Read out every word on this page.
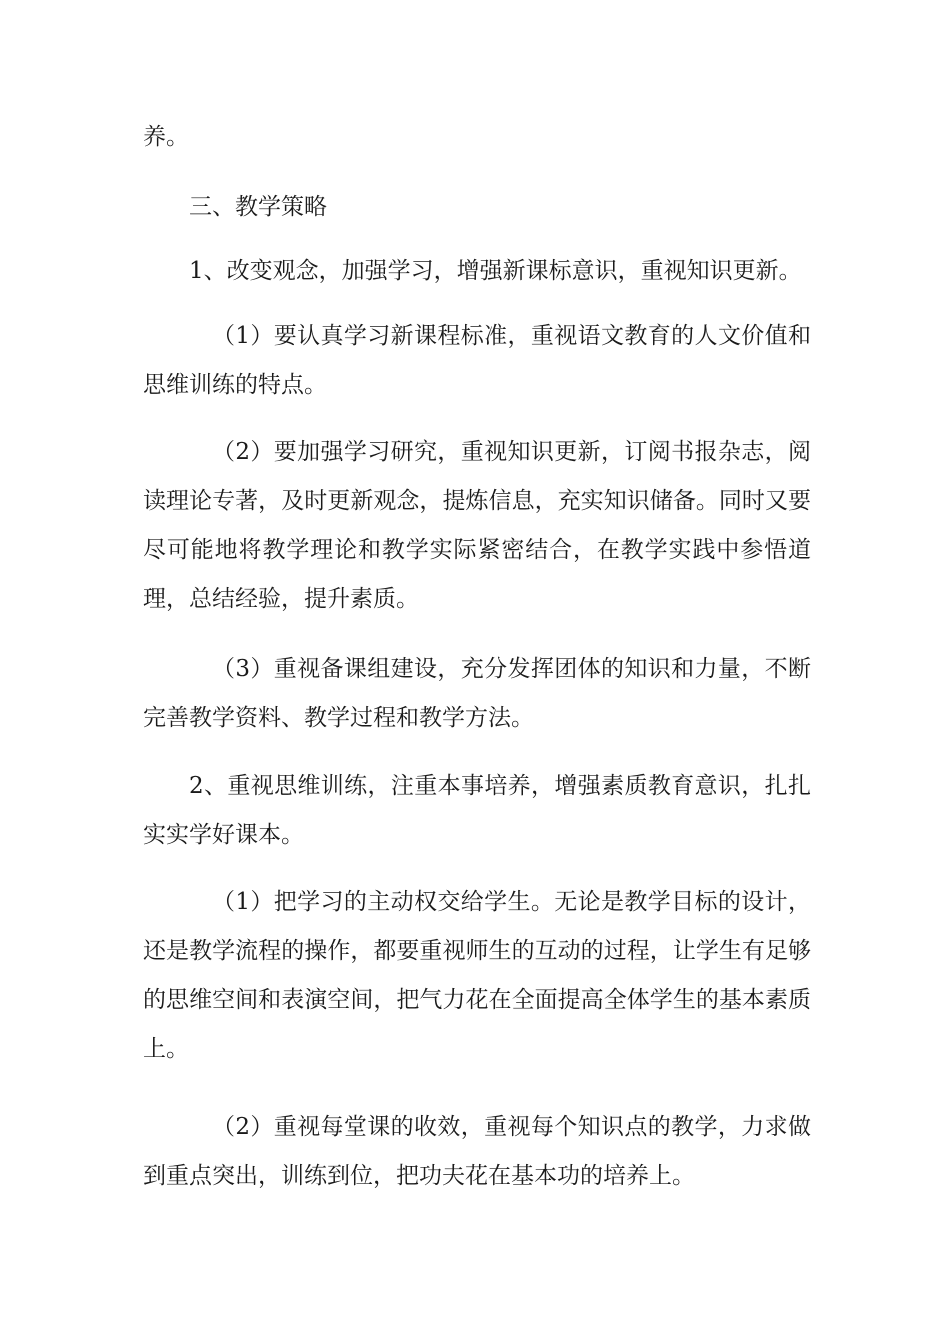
养。

三、教学策略

1、改变观念，加强学习，增强新课标意识，重视知识更新。

（1）要认真学习新课程标准，重视语文教育的人文价值和思维训练的特点。

（2）要加强学习研究，重视知识更新，订阅书报杂志，阅读理论专著，及时更新观念，提炼信息，充实知识储备。同时又要尽可能地将教学理论和教学实际紧密结合，在教学实践中参悟道理，总结经验，提升素质。

（3）重视备课组建设，充分发挥团体的知识和力量，不断完善教学资料、教学过程和教学方法。

2、重视思维训练，注重本事培养，增强素质教育意识，扎扎实实学好课本。

（1）把学习的主动权交给学生。无论是教学目标的设计，还是教学流程的操作，都要重视师生的互动的过程，让学生有足够的思维空间和表演空间，把气力花在全面提高全体学生的基本素质上。

（2）重视每堂课的收效，重视每个知识点的教学，力求做到重点突出，训练到位，把功夫花在基本功的培养上。
